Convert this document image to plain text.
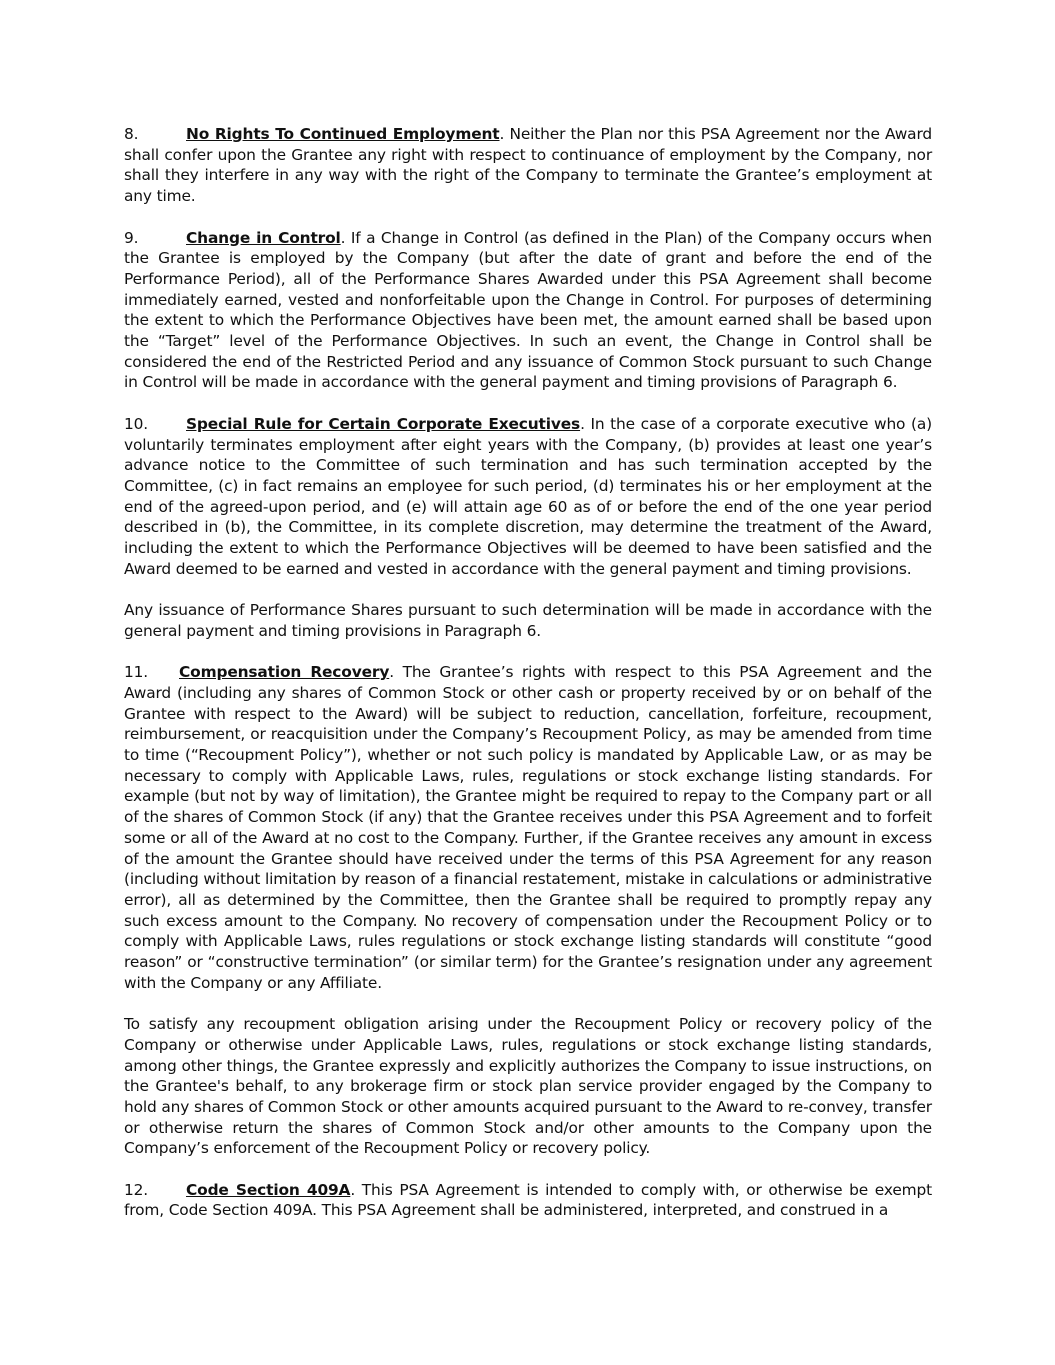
8.	No Rights To Continued Employment. Neither the Plan nor this PSA Agreement nor the Award shall confer upon the Grantee any right with respect to continuance of employment by the Company, nor shall they interfere in any way with the right of the Company to terminate the Grantee’s employment at any time.

9.	Change in Control. If a Change in Control (as defined in the Plan) of the Company occurs when the Grantee is employed by the Company (but after the date of grant and before the end of the Performance Period), all of the Performance Shares Awarded under this PSA Agreement shall become immediately earned, vested and nonforfeitable upon the Change in Control. For purposes of determining the extent to which the Performance Objectives have been met, the amount earned shall be based upon the “Target” level of the Performance Objectives. In such an event, the Change in Control shall be considered the end of the Restricted Period and any issuance of Common Stock pursuant to such Change in Control will be made in accordance with the general payment and timing provisions of Paragraph 6.

10. Special Rule for Certain Corporate Executives. In the case of a corporate executive who (a) voluntarily terminates employment after eight years with the Company, (b) provides at least one year’s advance notice to the Committee of such termination and has such termination accepted by the Committee, (c) in fact remains an employee for such period, (d) terminates his or her employment at the end of the agreed-upon period, and (e) will attain age 60 as of or before the end of the one year period described in (b), the Committee, in its complete discretion, may determine the treatment of the Award, including the extent to which the Performance Objectives will be deemed to have been satisfied and the Award deemed to be earned and vested in accordance with the general payment and timing provisions.

Any issuance of Performance Shares pursuant to such determination will be made in accordance with the general payment and timing provisions in Paragraph 6.

11. Compensation Recovery. The Grantee’s rights with respect to this PSA Agreement and the Award (including any shares of Common Stock or other cash or property received by or on behalf of the Grantee with respect to the Award) will be subject to reduction, cancellation, forfeiture, recoupment, reimbursement, or reacquisition under the Company’s Recoupment Policy, as may be amended from time to time (“Recoupment Policy”), whether or not such policy is mandated by Applicable Law, or as may be necessary to comply with Applicable Laws, rules, regulations or stock exchange listing standards. For example (but not by way of limitation), the Grantee might be required to repay to the Company part or all of the shares of Common Stock (if any) that the Grantee receives under this PSA Agreement and to forfeit some or all of the Award at no cost to the Company. Further, if the Grantee receives any amount in excess of the amount the Grantee should have received under the terms of this PSA Agreement for any reason (including without limitation by reason of a financial restatement, mistake in calculations or administrative error), all as determined by the Committee, then the Grantee shall be required to promptly repay any such excess amount to the Company. No recovery of compensation under the Recoupment Policy or to comply with Applicable Laws, rules regulations or stock exchange listing standards will constitute “good reason” or “constructive termination” (or similar term) for the Grantee’s resignation under any agreement with the Company or any Affiliate.

To satisfy any recoupment obligation arising under the Recoupment Policy or recovery policy of the Company or otherwise under Applicable Laws, rules, regulations or stock exchange listing standards, among other things, the Grantee expressly and explicitly authorizes the Company to issue instructions, on the Grantee's behalf, to any brokerage firm or stock plan service provider engaged by the Company to hold any shares of Common Stock or other amounts acquired pursuant to the Award to re-convey, transfer or otherwise return the shares of Common Stock and/or other amounts to the Company upon the Company’s enforcement of the Recoupment Policy or recovery policy.

12. Code Section 409A. This PSA Agreement is intended to comply with, or otherwise be exempt from, Code Section 409A. This PSA Agreement shall be administered, interpreted, and construed in a
